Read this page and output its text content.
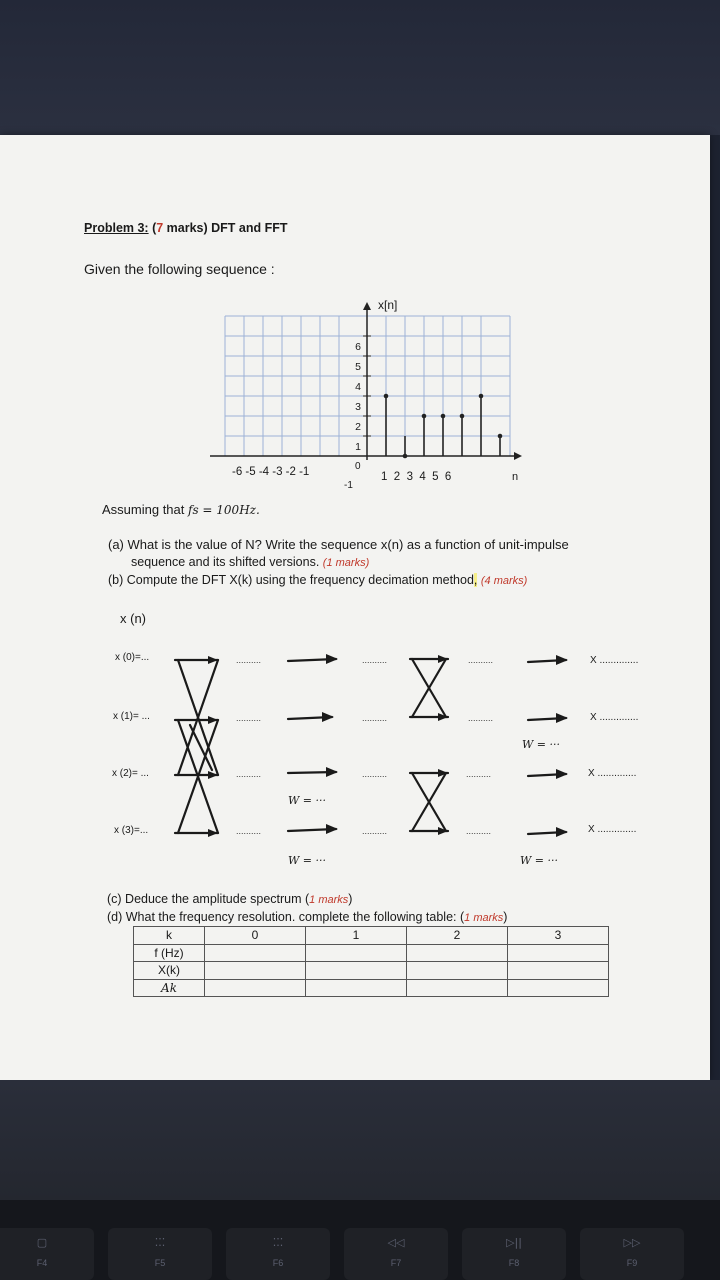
Problem 3: (7 marks) DFT and FFT
Given the following sequence :
x[n]
6
5
4
3
2
1
0
-1
-6 -5 -4 -3 -2 -1	1  2  3  4  5  6	n
Assuming that fs = 100Hz.
(a) What is the value of N? Write the sequence x(n) as a function of unit-impulse
sequence and its shifted versions. (1 marks)
(b) Compute the DFT X(k) using the frequency decimation method, (4 marks)
x (n)
x (0)=...
x (1)= ...
x (2)= ...
x (3)=...
..........
..........
..........
..........
..........
..........
..........
..........
..........
..........
..........
..........
W = ···
W = ···
W = ···	W = ···
X ..............
X ..............
X ..............
X ..............
(c) Deduce the amplitude spectrum (1 marks)
(d) What the frequency resolution. complete the following table: (1 marks)
k	0	1	2	3
f (Hz)				
X(k)				
Ak				
▢
F4
⁚⁚⁚
F5
⁚⁚⁚
F6
◁◁
F7
▷||
F8
▷▷
F9
